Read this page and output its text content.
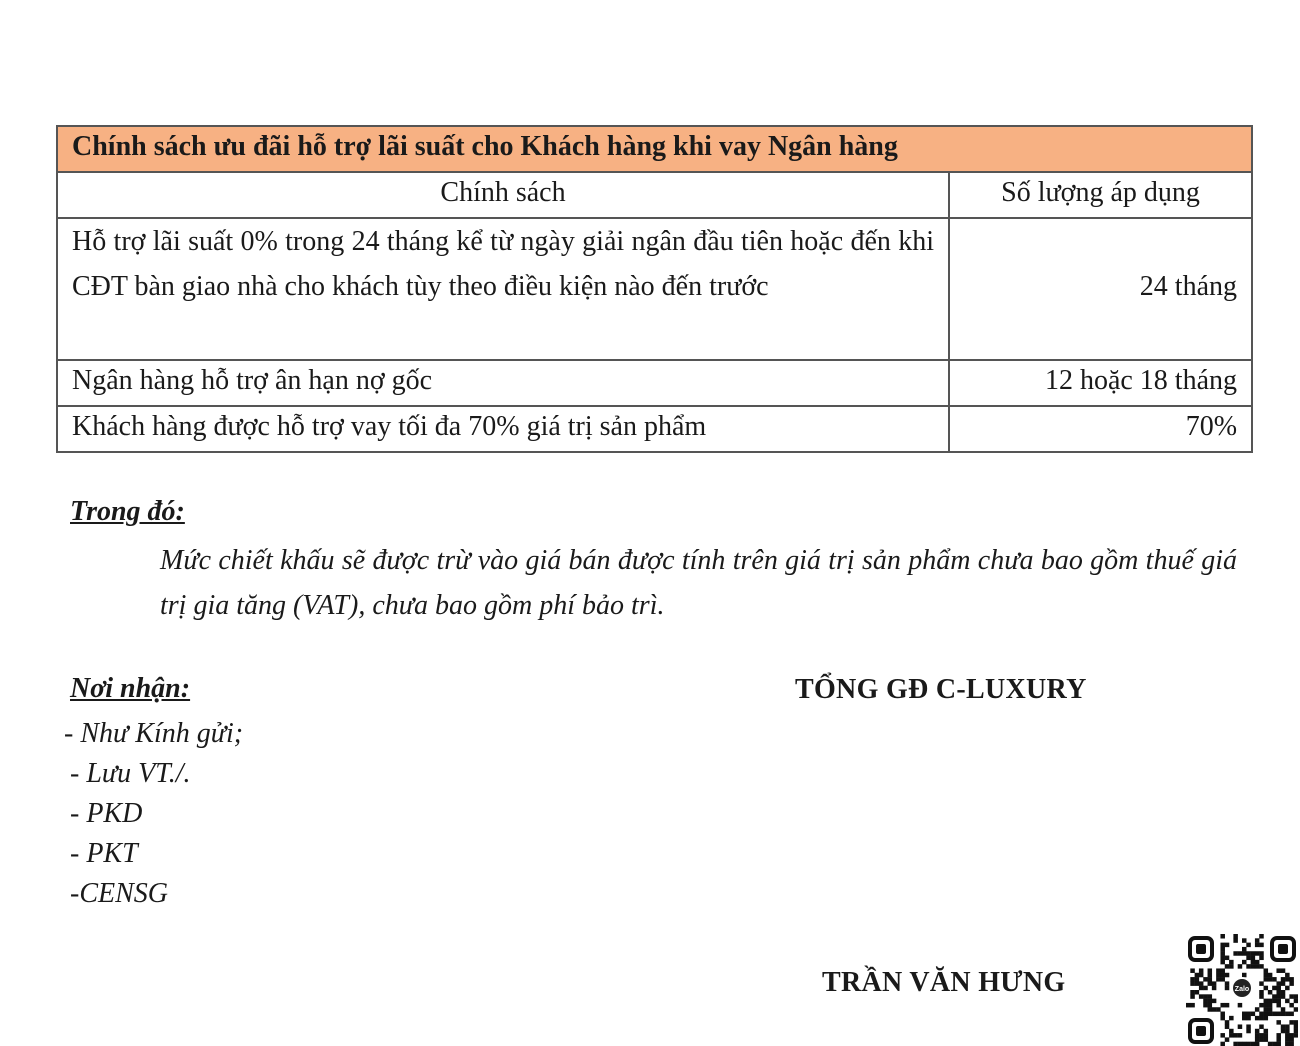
Chính sách ưu đãi hỗ trợ lãi suất cho Khách hàng khi vay Ngân hàng	
Chính sách	Số lượng áp dụng
Hỗ trợ lãi suất 0% trong 24 tháng kể từ ngày giải ngân đầu tiên hoặc đến khi CĐT bàn giao nhà cho khách tùy theo điều kiện nào đến trước	24 tháng
Ngân hàng hỗ trợ ân hạn nợ gốc	12 hoặc 18 tháng
Khách hàng được hỗ trợ vay tối đa 70% giá trị sản phẩm	70%
Trong đó:
Mức chiết khấu sẽ được trừ vào giá bán được tính trên giá trị sản phẩm chưa bao gồm thuế giá trị gia tăng (VAT), chưa bao gồm phí bảo trì.
Nơi nhận:
- Như Kính gửi;
- Lưu VT./.
- PKD
- PKT
-CENSG
TỔNG GĐ C-LUXURY
TRẦN VĂN HƯNG	Zalo
